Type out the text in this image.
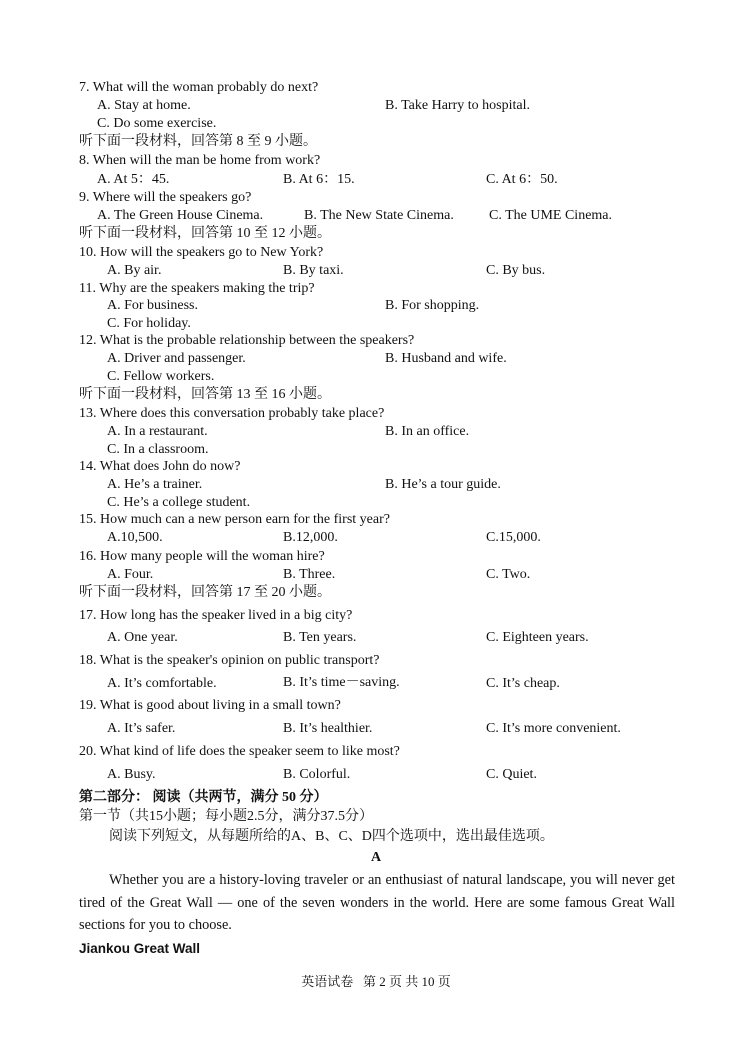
7. What will the woman probably do next?
A. Stay at home.	B. Take Harry to hospital.
C. Do some exercise.
听下面一段材料，回答第 8 至 9 小题。
8. When will the man be home from work?
A. At 5：45.	B. At 6：15.	C. At 6：50.
9. Where will the speakers go?
A. The Green House Cinema.	B. The New State Cinema.	C. The UME Cinema.
听下面一段材料，回答第 10 至 12 小题。
10. How will the speakers go to New York?
A. By air.	B. By taxi.	C. By bus.
11. Why are the speakers making the trip?
A. For business.	B. For shopping.
C. For holiday.
12. What is the probable relationship between the speakers?
A. Driver and passenger.	B. Husband and wife.
C. Fellow workers.
听下面一段材料，回答第 13 至 16 小题。
13. Where does this conversation probably take place?
A. In a restaurant.	B. In an office.
C. In a classroom.
14. What does John do now?
A. He’s a trainer.	B. He’s a tour guide.
C. He’s a college student.
15. How much can a new person earn for the first year?
A.10,500.	B.12,000.	C.15,000.
16. How many people will the woman hire?
A. Four.	B. Three.	C. Two.
听下面一段材料，回答第 17 至 20 小题。
17. How long has the speaker lived in a big city?
A. One year.	B. Ten years.	C. Eighteen years.
18. What is the speaker's opinion on public transport?
A. It’s comfortable.	B. It’s time－saving.	C. It’s cheap.
19. What is good about living in a small town?
A. It’s safer.	B. It’s healthier.	C. It’s more convenient.
20. What kind of life does the speaker seem to like most?
A. Busy.	B. Colorful.	C. Quiet.
第二部分： 阅读（共两节，满分 50 分）
第一节（共15小题；每小题2.5分，满分37.5分）
阅读下列短文，从每题所给的A、B、C、D四个选项中，选出最佳选项。
A
Whether you are a history-loving traveler or an enthusiast of natural landscape, you will never get tired of the Great Wall — one of the seven wonders in the world. Here are some famous Great Wall sections for you to choose.
Jiankou Great Wall
英语试卷   第 2 页 共 10 页
